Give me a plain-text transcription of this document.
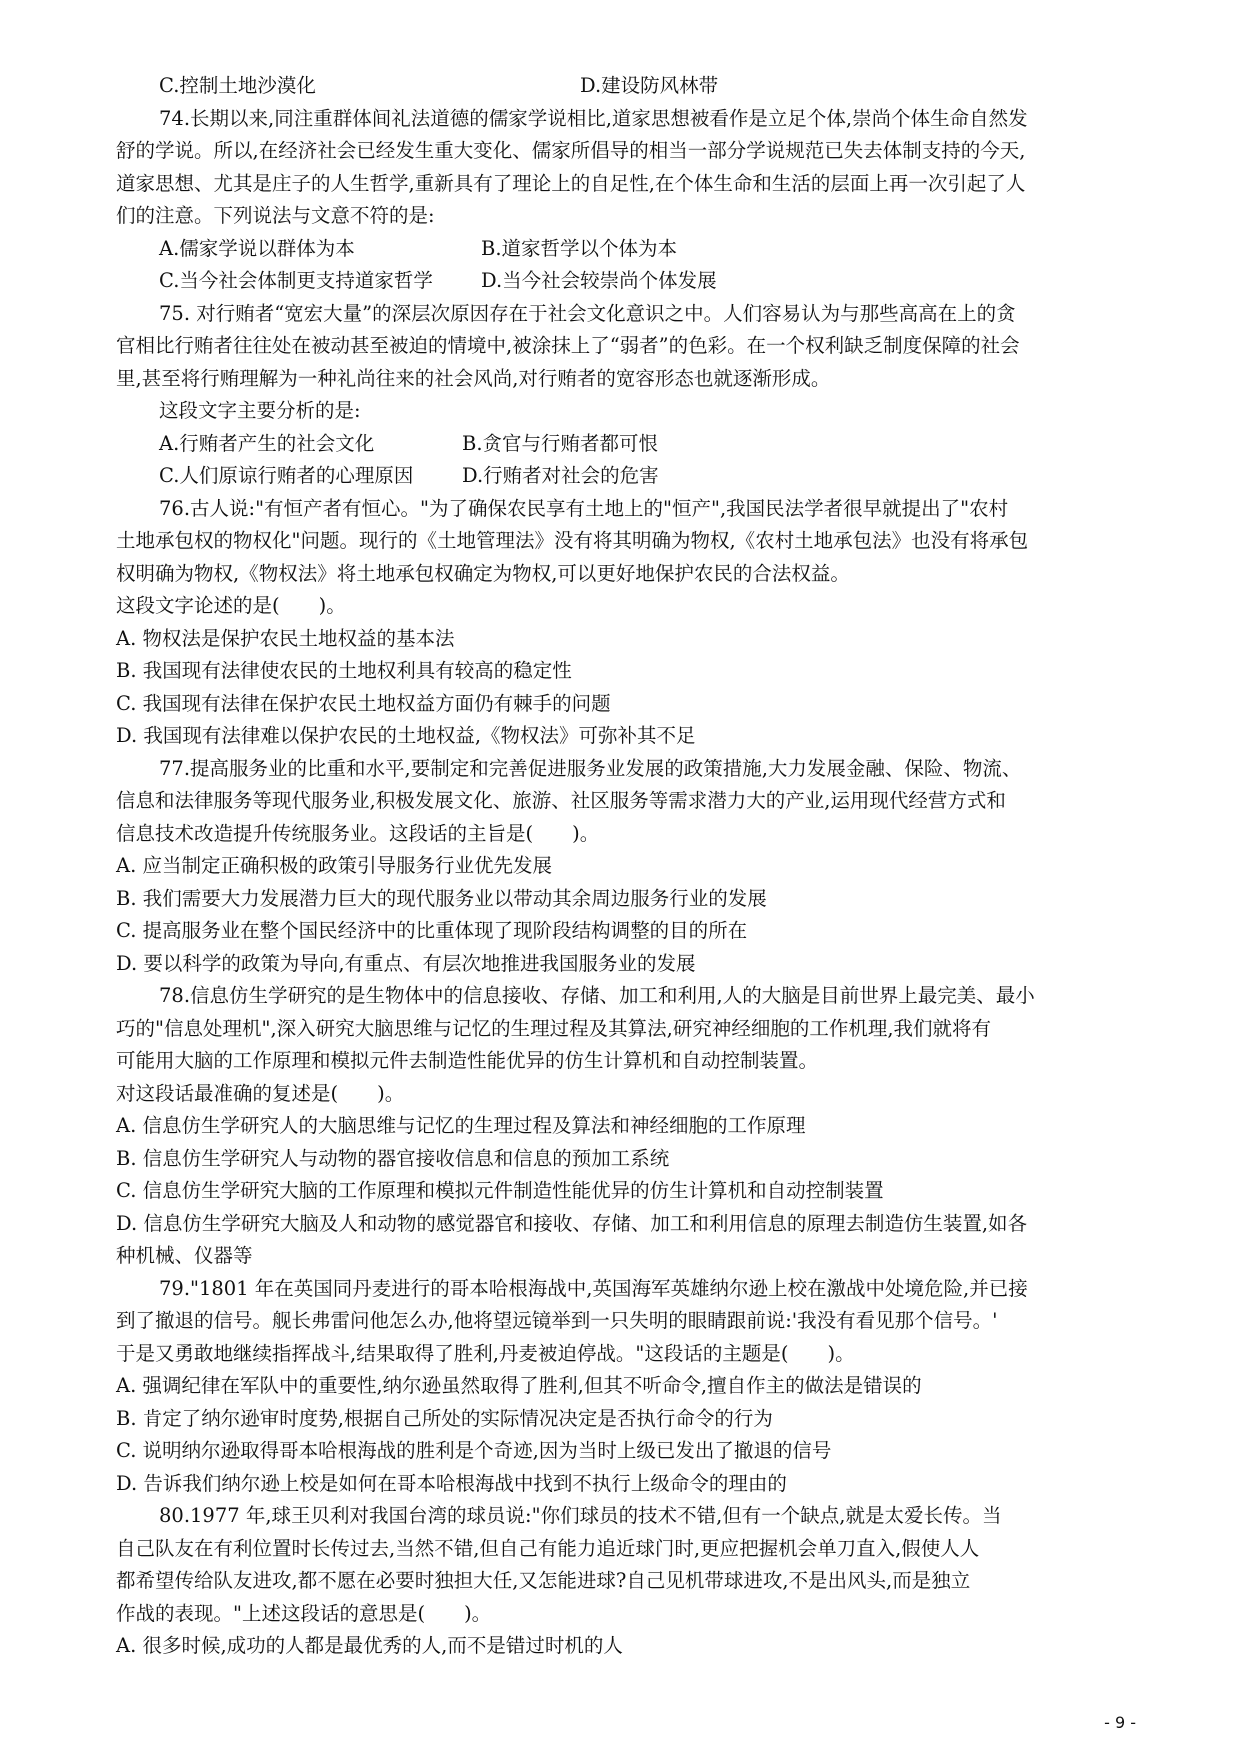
C.控制土地沙漠化	D.建设防风林带
74.长期以来,同注重群体间礼法道德的儒家学说相比,道家思想被看作是立足个体,崇尚个体生命自然发
舒的学说。所以,在经济社会已经发生重大变化、儒家所倡导的相当一部分学说规范已失去体制支持的今天,
道家思想、尤其是庄子的人生哲学,重新具有了理论上的自足性,在个体生命和生活的层面上再一次引起了人
们的注意。下列说法与文意不符的是:
A.儒家学说以群体为本	B.道家哲学以个体为本
C.当今社会体制更支持道家哲学	D.当今社会较崇尚个体发展
75. 对行贿者“宽宏大量”的深层次原因存在于社会文化意识之中。人们容易认为与那些高高在上的贪
官相比行贿者往往处在被动甚至被迫的情境中,被涂抹上了“弱者”的色彩。在一个权利缺乏制度保障的社会
里,甚至将行贿理解为一种礼尚往来的社会风尚,对行贿者的宽容形态也就逐渐形成。
这段文字主要分析的是:
A.行贿者产生的社会文化	B.贪官与行贿者都可恨
C.人们原谅行贿者的心理原因	D.行贿者对社会的危害
76.古人说:"有恒产者有恒心。"为了确保农民享有土地上的"恒产",我国民法学者很早就提出了"农村
土地承包权的物权化"问题。现行的《土地管理法》没有将其明确为物权,《农村土地承包法》也没有将承包
权明确为物权,《物权法》将土地承包权确定为物权,可以更好地保护农民的合法权益。
这段文字论述的是(　　)。
A. 物权法是保护农民土地权益的基本法
B. 我国现有法律使农民的土地权利具有较高的稳定性
C. 我国现有法律在保护农民土地权益方面仍有棘手的问题
D. 我国现有法律难以保护农民的土地权益,《物权法》可弥补其不足
77.提高服务业的比重和水平,要制定和完善促进服务业发展的政策措施,大力发展金融、保险、物流、
信息和法律服务等现代服务业,积极发展文化、旅游、社区服务等需求潜力大的产业,运用现代经营方式和
信息技术改造提升传统服务业。这段话的主旨是(　　)。
A. 应当制定正确积极的政策引导服务行业优先发展
B. 我们需要大力发展潜力巨大的现代服务业以带动其余周边服务行业的发展
C. 提高服务业在整个国民经济中的比重体现了现阶段结构调整的目的所在
D. 要以科学的政策为导向,有重点、有层次地推进我国服务业的发展
78.信息仿生学研究的是生物体中的信息接收、存储、加工和利用,人的大脑是目前世界上最完美、最小
巧的"信息处理机",深入研究大脑思维与记忆的生理过程及其算法,研究神经细胞的工作机理,我们就将有
可能用大脑的工作原理和模拟元件去制造性能优异的仿生计算机和自动控制装置。
对这段话最准确的复述是(　　)。
A. 信息仿生学研究人的大脑思维与记忆的生理过程及算法和神经细胞的工作原理
B. 信息仿生学研究人与动物的器官接收信息和信息的预加工系统
C. 信息仿生学研究大脑的工作原理和模拟元件制造性能优异的仿生计算机和自动控制装置
D. 信息仿生学研究大脑及人和动物的感觉器官和接收、存储、加工和利用信息的原理去制造仿生装置,如各
种机械、仪器等
79."1801 年在英国同丹麦进行的哥本哈根海战中,英国海军英雄纳尔逊上校在激战中处境危险,并已接
到了撤退的信号。舰长弗雷问他怎么办,他将望远镜举到一只失明的眼睛跟前说:'我没有看见那个信号。'
于是又勇敢地继续指挥战斗,结果取得了胜利,丹麦被迫停战。"这段话的主题是(　　)。
A. 强调纪律在军队中的重要性,纳尔逊虽然取得了胜利,但其不听命令,擅自作主的做法是错误的
B. 肯定了纳尔逊审时度势,根据自己所处的实际情况决定是否执行命令的行为
C. 说明纳尔逊取得哥本哈根海战的胜利是个奇迹,因为当时上级已发出了撤退的信号
D. 告诉我们纳尔逊上校是如何在哥本哈根海战中找到不执行上级命令的理由的
80.1977 年,球王贝利对我国台湾的球员说:"你们球员的技术不错,但有一个缺点,就是太爱长传。当
自己队友在有利位置时长传过去,当然不错,但自己有能力追近球门时,更应把握机会单刀直入,假使人人
都希望传给队友进攻,都不愿在必要时独担大任,又怎能进球?自己见机带球进攻,不是出风头,而是独立
作战的表现。"上述这段话的意思是(　　)。
A. 很多时候,成功的人都是最优秀的人,而不是错过时机的人
- 9 -
